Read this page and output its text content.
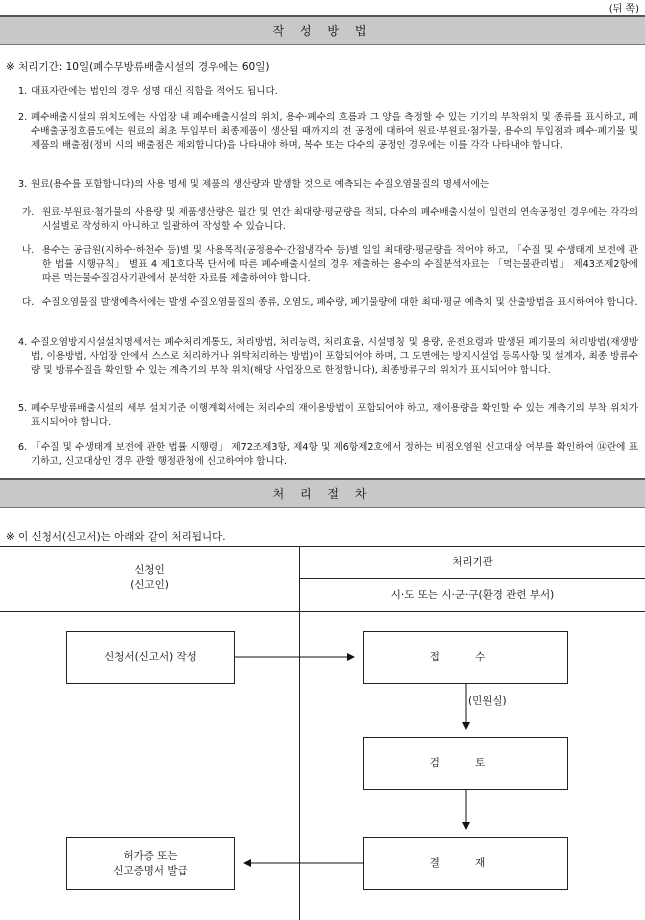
(뒤 쪽)
작 성 방 법
※ 처리기간: 10일(폐수무방류배출시설의 경우에는 60일)
1. 대표자란에는 법인의 경우 성명 대신 직함을 적어도 됩니다.
2. 폐수배출시설의 위치도에는 사업장 내 폐수배출시설의 위치, 용수·폐수의 흐름과 그 양을 측정할 수 있는 기기의 부착위치 및 종류를 표시하고, 폐수배출공정흐름도에는 원료의 최초 투입부터 최종제품이 생산될 때까지의 전 공정에 대하여 원료·부원료·첨가물, 용수의 투입점과 폐수·폐기물 및 제품의 배출점(정비 시의 배출점은 제외합니다)을 나타내야 하며, 복수 또는 다수의 공정인 경우에는 이를 각각 나타내야 합니다.
3. 원료(용수를 포함합니다)의 사용 명세 및 제품의 생산량과 발생할 것으로 예측되는 수질오염물질의 명세서에는
가. 원료·부원료·첨가물의 사용량 및 제품생산량은 월간 및 연간 최대량·평균량을 적되, 다수의 폐수배출시설이 일련의 연속공정인 경우에는 각각의 시설별로 작성하지 아니하고 일괄하여 작성할 수 있습니다.
나. 용수는 공급원(지하수·하천수 등)별 및 사용목적(공정용수·간접냉각수 등)별 일일 최대량·평균량을 적어야 하고, 「수질 및 수생태계 보전에 관한 법률 시행규칙」 별표 4 제1호다목 단서에 따른 폐수배출시설의 경우 제출하는 용수의 수질분석자료는 「먹는물관리법」 제43조제2항에 따른 먹는물수질검사기관에서 분석한 자료를 제출하여야 합니다.
다. 수질오염물질 발생예측서에는 발생 수질오염물질의 종류, 오염도, 폐수량, 폐기물량에 대한 최대·평균 예측치 및 산출방법을 표시하여야 합니다.
4. 수질오염방지시설설치명세서는 폐수처리계통도, 처리방법, 처리능력, 처리효율, 시설명칭 및 용량, 운전요령과 발생된 폐기물의 처리방법(재생방법, 이용방법, 사업장 안에서 스스로 처리하거나 위탁처리하는 방법)이 포함되어야 하며, 그 도면에는 방지시설업 등록사항 및 설계자, 최종 방류수량 및 방류수질을 확인할 수 있는 계측기의 부착 위치(해당 사업장으로 한정합니다), 최종방류구의 위치가 표시되어야 합니다.
5. 폐수무방류배출시설의 세부 설치기준 이행계획서에는 처리수의 재이용방법이 포함되어야 하고, 재이용량을 확인할 수 있는 계측기의 부착 위치가 표시되어야 합니다.
6. 「수질 및 수생태계 보전에 관한 법률 시행령」 제72조제3항, 제4항 및 제6항제2호에서 정하는 비점오염원 신고대상 여부를 확인하여 ⑭란에 표기하고, 신고대상인 경우 관할 행정관청에 신고하여야 합니다.
처 리 절 차
※ 이 신청서(신고서)는 아래와 같이 처리됩니다.
신청인
(신고인)
처리기관
시·도 또는 시·군·구(환경 관련 부서)
신청서(신고서) 작성	접 수
(민원실)
검 토
결 재
허가증 또는
신고증명서 발급
